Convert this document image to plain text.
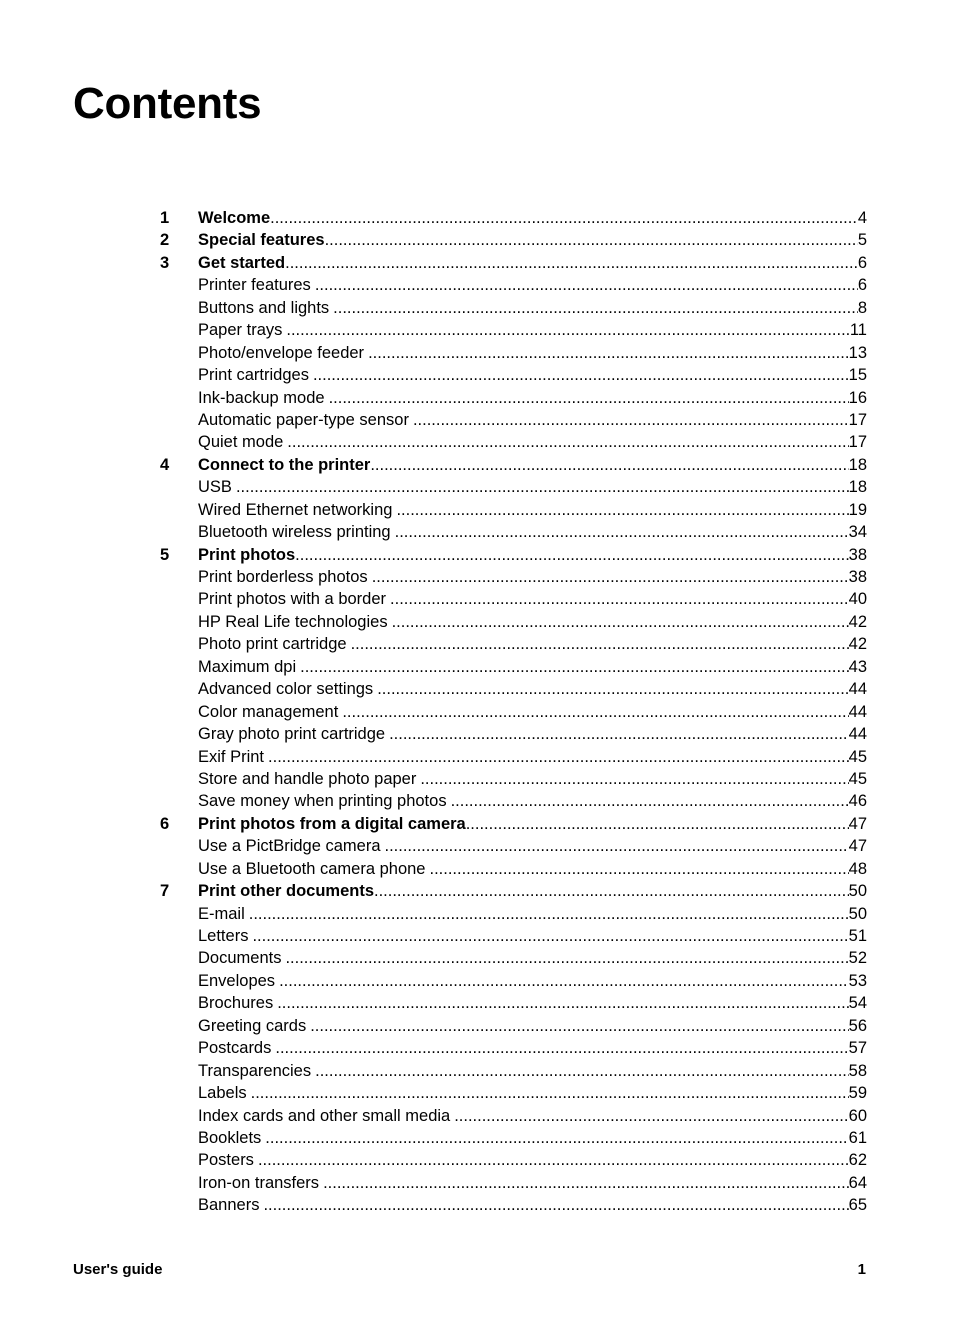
Contents
1 Welcome .....	4
2 Special features .....	5
3 Get started .....	6
Printer features .....	6
Buttons and lights .....	8
Paper trays .....	11
Photo/envelope feeder .....	13
Print cartridges .....	15
Ink-backup mode .....	16
Automatic paper-type sensor .....	17
Quiet mode .....	17
4 Connect to the printer .....	18
USB .....	18
Wired Ethernet networking .....	19
Bluetooth wireless printing .....	34
5 Print photos .....	38
Print borderless photos .....	38
Print photos with a border .....	40
HP Real Life technologies .....	42
Photo print cartridge .....	42
Maximum dpi .....	43
Advanced color settings .....	44
Color management .....	44
Gray photo print cartridge .....	44
Exif Print .....	45
Store and handle photo paper .....	45
Save money when printing photos .....	46
6 Print photos from a digital camera .....	47
Use a PictBridge camera .....	47
Use a Bluetooth camera phone .....	48
7 Print other documents .....	50
E-mail .....	50
Letters .....	51
Documents .....	52
Envelopes .....	53
Brochures .....	54
Greeting cards .....	56
Postcards .....	57
Transparencies .....	58
Labels .....	59
Index cards and other small media .....	60
Booklets .....	61
Posters .....	62
Iron-on transfers .....	64
Banners .....	65
User's guide	1
